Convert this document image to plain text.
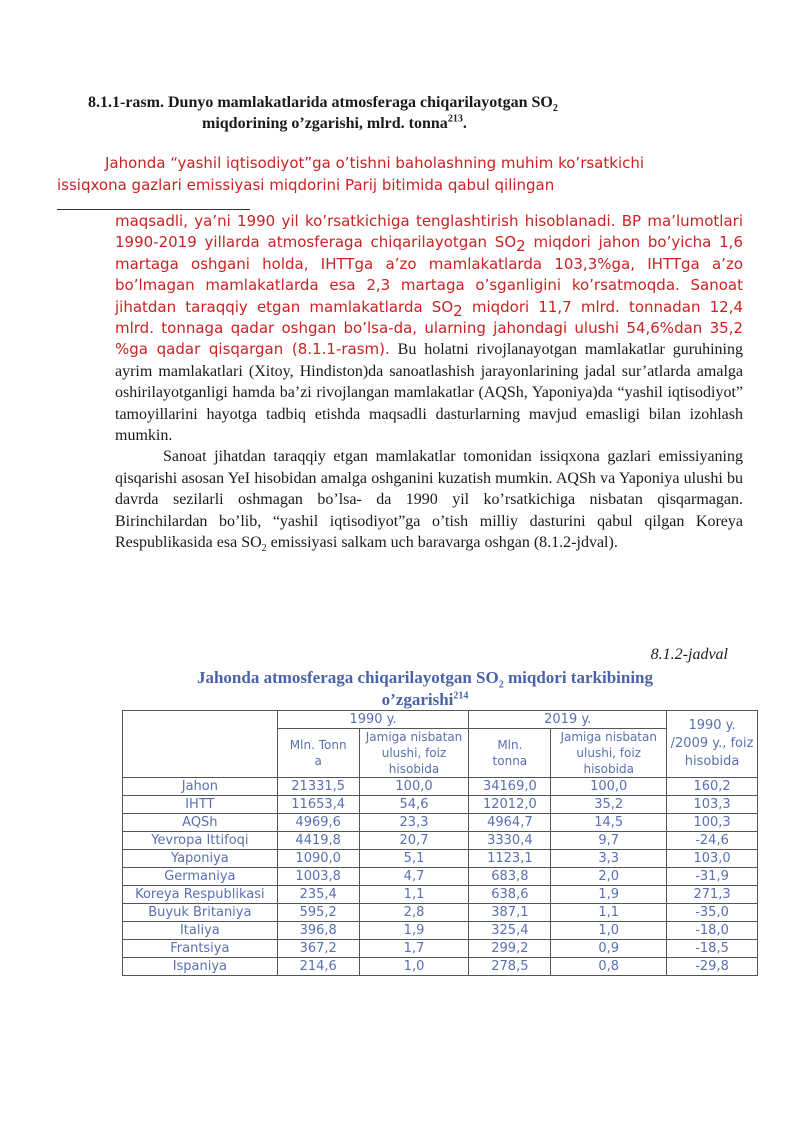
8.1.1-rasm. Dunyo mamlakatlarida atmosferaga chiqarilayotgan $SO_2$
miqdorining o’zgarishi, mlrd. tonna$^{213}$.
Jahonda “yashil iqtisodiyot”ga o’tishni baholashning muhim ko’rsatkichi
issiqxona gazlari emissiyasi miqdorini Parij bitimida qabul qilingan

maqsadli, ya’ni 1990 yil ko’rsatkichiga tenglashtirish hisoblanadi. BP ma’lumotlari 1990-2019 yillarda atmosferaga chiqarilayotgan $SO_2$ miqdori jahon bo’yicha 1,6 martaga oshgani holda, IHTTga a’zo mamlakatlarda 103,3%ga, IHTTga a’zo bo’lmagan mamlakatlarda esa 2,3 martaga o’sganligini ko’rsatmoqda. Sanoat jihatdan taraqqiy etgan mamlakatlarda $SO_2$ miqdori 11,7 mlrd. tonnadan 12,4 mlrd. tonnaga qadar oshgan bo’lsa-da, ularning jahondagi ulushi 54,6%dan 35,2 %ga qadar qisqargan (8.1.1-rasm). Bu holatni rivojlanayotgan mamlakatlar guruhining ayrim mamlakatlari (Xitoy, Hindiston)da sanoatlashish jarayonlarining jadal sur’atlarda amalga oshirilayotganligi hamda ba’zi rivojlangan mamlakatlar (AQSh, Yaponiya)da “yashil iqtisodiyot” tamoyillarini hayotga tadbiq etishda maqsadli dasturlarning mavjud emasligi bilan izohlash mumkin.

Sanoat jihatdan taraqqiy etgan mamlakatlar tomonidan issiqxona gazlari emissiyaning qisqarishi asosan YeI hisobidan amalga oshganini kuzatish mumkin. AQSh va Yaponiya ulushi bu davrda sezilarli oshmagan bo’lsa- da 1990 yil ko’rsatkichiga nisbatan qisqarmagan. Birinchilardan bo’lib, “yashil iqtisodiyot”ga o’tish milliy dasturini qabul qilgan Koreya Respublikasida esa $SO_2$ emissiyasi salkam uch baravarga oshgan (8.1.2-jdval).

8.1.2-jadval
Jahonda atmosferaga chiqarilayotgan $SO_2$ miqdori tarkibining
o’zgarishi$^{214}$
	1990 y.		2019 y.		1990 y. /2009 y., foiz hisobida
	Mln. Tonn a	Jamiga nisbatan ulushi, foiz hisobida	Mln. tonna	Jamiga nisbatan ulushi, foiz hisobida	
Jahon	21331,5	100,0	34169,0	100,0	160,2
IHTT	11653,4	54,6	12012,0	35,2	103,3
AQSh	4969,6	23,3	4964,7	14,5	100,3
Yevropa Ittifoqi	4419,8	20,7	3330,4	9,7	-24,6
Yaponiya	1090,0	5,1	1123,1	3,3	103,0
Germaniya	1003,8	4,7	683,8	2,0	-31,9
Koreya Respublikasi	235,4	1,1	638,6	1,9	271,3
Buyuk Britaniya	595,2	2,8	387,1	1,1	-35,0
Italiya	396,8	1,9	325,4	1,0	-18,0
Frantsiya	367,2	1,7	299,2	0,9	-18,5
Ispaniya	214,6	1,0	278,5	0,8	-29,8
